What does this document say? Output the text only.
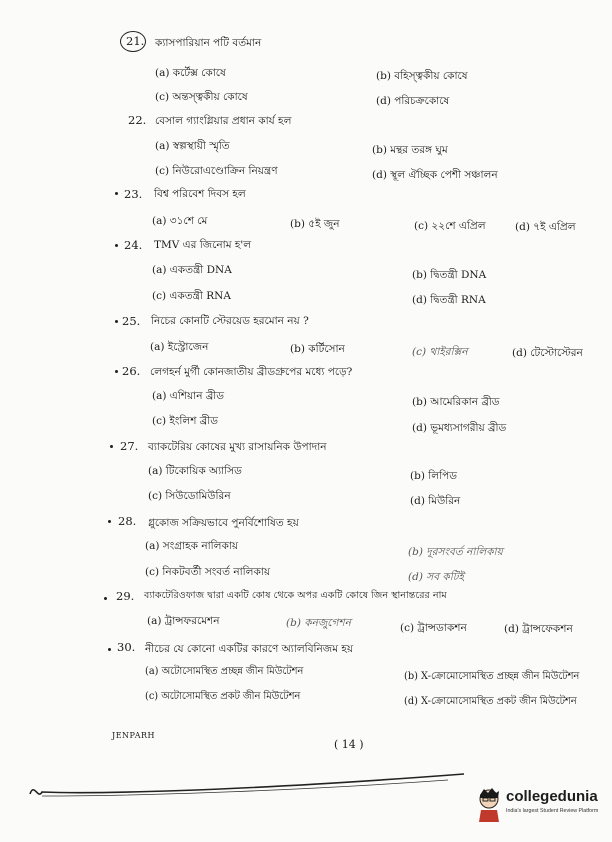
21. ক্যাসপারিয়ান পটি বর্তমান
(a) কর্টেক্স কোষে	(b) বহিস্ত্বকীয় কোষে
(c) অন্তস্ত্বকীয় কোষে	(d) পরিচক্রকোষে
22. বেসাল গ্যাংগ্লিয়ার প্রধান কার্য হল
(a) স্বল্পস্থায়ী স্মৃতি	(b) মন্থর তরঙ্গ ঘুম
(c) নিউরোএণ্ডোক্রিন নিয়ন্ত্রণ	(d) স্থূল ঐচ্ছিক পেশী সঞ্চালন
23. বিশ্ব পরিবেশ দিবস হল
(a) ৩১শে মে	(b) ৫ই জুন	(c) ২২শে এপ্রিল	(d) ৭ই এপ্রিল
24. TMV এর জিনোম হ'ল
(a) একতন্ত্রী DNA	(b) দ্বিতন্ত্রী DNA
(c) একতন্ত্রী RNA	(d) দ্বিতন্ত্রী RNA
25. নিচের কোনটি স্টেরয়েড হরমোন নয় ?
(a) ইস্ট্রোজেন	(b) কর্টিসোন	(c) থাইরক্সিন	(d) টেস্টোস্টেরন
26. লেগহর্ন মুর্গী কোনজাতীয় ব্রীডগ্রুপের মধ্যে পড়ে?
(a) এশিয়ান ব্রীড	(b) আমেরিকান ব্রীড
(c) ইংলিশ ব্রীড
(d) ভূমধ্যসাগরীয় ব্রীড
27. ব্যাকটেরিয় কোষের মুখ্য রাসায়নিক উপাদান
(a) টিকোয়িক অ্যাসিড	(b) লিপিড
(c) সিউডোমিউরিন	(d) মিউরিন
28. গ্লুকোজ সক্রিয়ভাবে পুনর্বিশোষিত হয়
(a) সংগ্রাহক নালিকায়	(b) দূরসংবর্ত নালিকায়
(c) নিকটবর্তী সংবর্ত নালিকায়	(d) সব কটিই
29. ব্যাকটেরিওফাজ দ্বারা একটি কোষ থেকে অপর একটি কোষে জিন স্থানান্তরের নাম
(a) ট্রান্সফরমেশন	(b) কনজুগেশন	(c) ট্রান্সডাকশন	(d) ট্রান্সফেকশন
30. নীচের যে কোনো একটির কারণে অ্যালবিনিজম হয়
(a) অটোসোমস্থিত প্রচ্ছন্ন জীন মিউটেশন	(b) X-ক্রোমোসোমস্থিত প্রচ্ছন্ন জীন মিউটেশন
(c) অটোসোমস্থিত প্রকট জীন মিউটেশন	(d) X-ক্রোমোসোমস্থিত প্রকট জীন মিউটেশন
JENPARH
( 14 )
collegedunia
India's largest Student Review Platform
